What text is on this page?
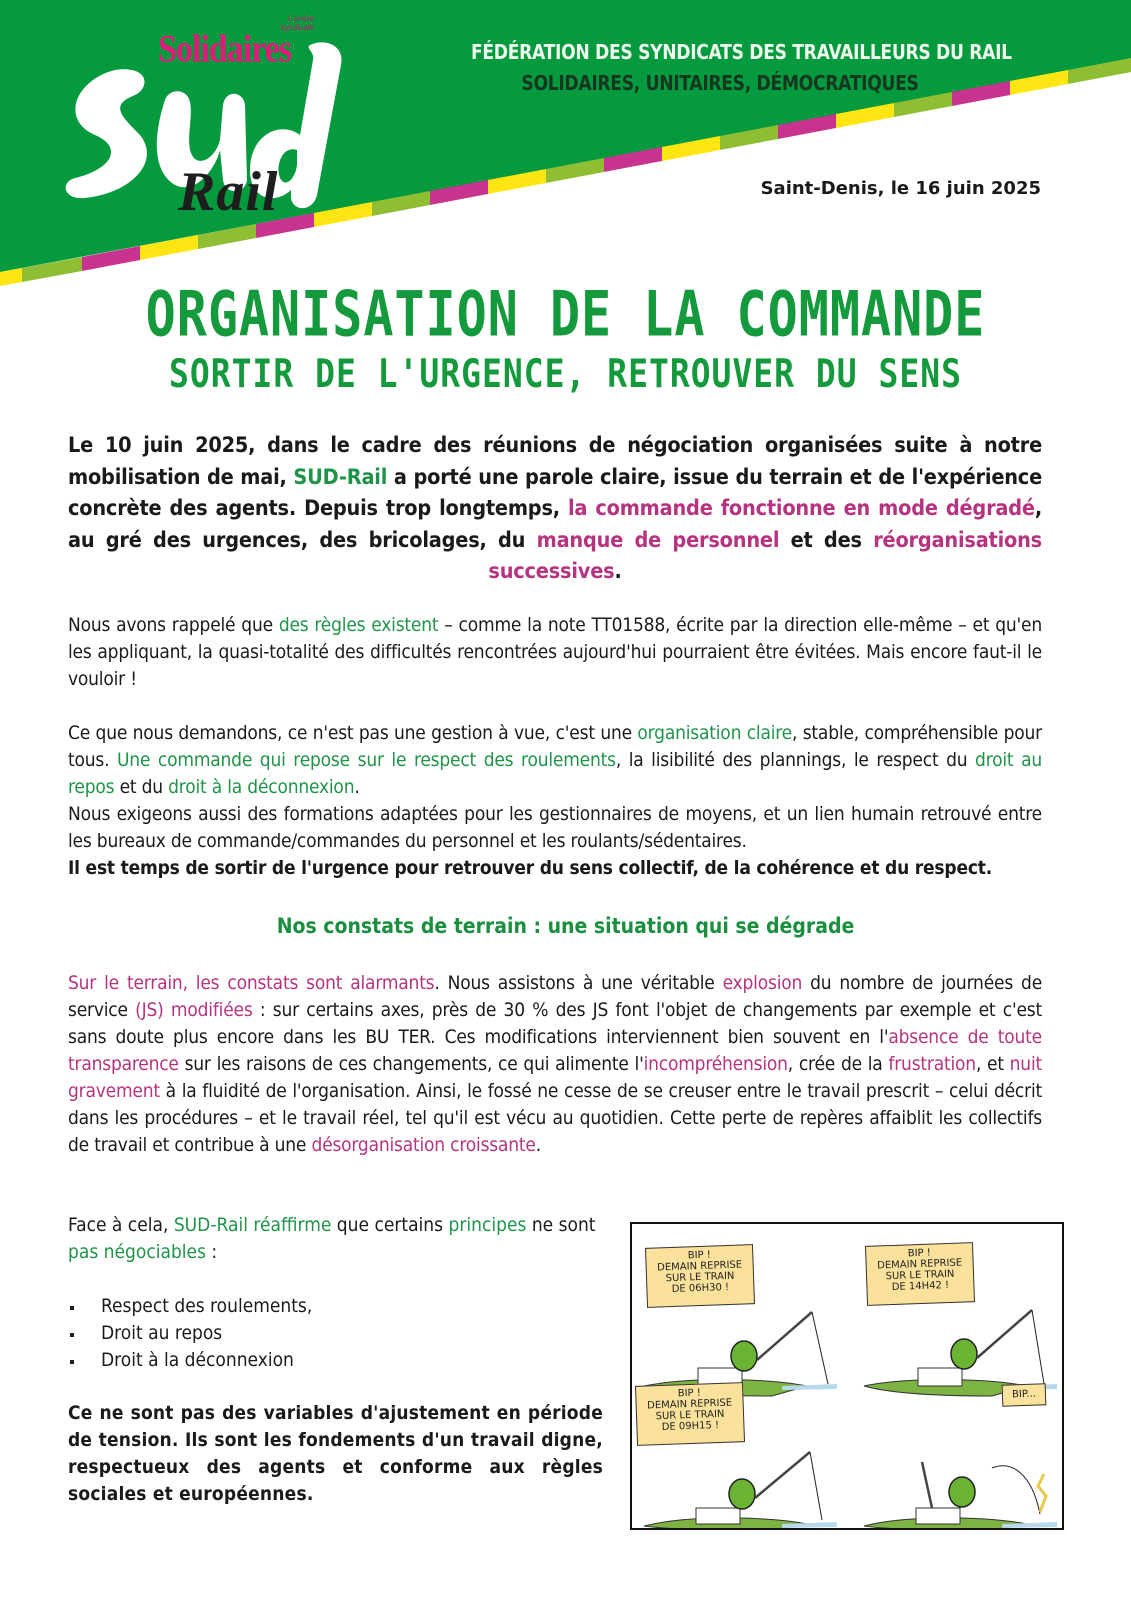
L'union
syndicale
Solidaires
Rail
FÉDÉRATION DES SYNDICATS DES TRAVAILLEURS DU RAIL
SOLIDAIRES, UNITAIRES, DÉMOCRATIQUES
Saint-Denis, le 16 juin 2025
ORGANISATION DE LA COMMANDE
SORTIR DE L'URGENCE, RETROUVER DU SENS

Le 10 juin 2025, dans le cadre des réunions de négociation organisées suite à notre mobilisation de mai, SUD-Rail a porté une parole claire, issue du terrain et de l'expérience concrète des agents. Depuis trop longtemps, la commande fonctionne en mode dégradé, au gré des urgences, des bricolages, du manque de personnel et des réorganisations successives.

Nous avons rappelé que des règles existent – comme la note TT01588, écrite par la direction elle-même – et qu'en les appliquant, la quasi-totalité des difficultés rencontrées aujourd'hui pourraient être évitées. Mais encore faut-il le vouloir !

Ce que nous demandons, ce n'est pas une gestion à vue, c'est une organisation claire, stable, compréhensible pour tous. Une commande qui repose sur le respect des roulements, la lisibilité des plannings, le respect du droit au repos et du droit à la déconnexion.

Nous exigeons aussi des formations adaptées pour les gestionnaires de moyens, et un lien humain retrouvé entre les bureaux de commande/commandes du personnel et les roulants/sédentaires.

Il est temps de sortir de l'urgence pour retrouver du sens collectif, de la cohérence et du respect.

Nos constats de terrain : une situation qui se dégrade

Sur le terrain, les constats sont alarmants. Nous assistons à une véritable explosion du nombre de journées de service (JS) modifiées : sur certains axes, près de 30 % des JS font l'objet de changements par exemple et c'est sans doute plus encore dans les BU TER. Ces modifications interviennent bien souvent en l'absence de toute transparence sur les raisons de ces changements, ce qui alimente l'incompréhension, crée de la frustration, et nuit gravement à la fluidité de l'organisation. Ainsi, le fossé ne cesse de se creuser entre le travail prescrit – celui décrit dans les procédures – et le travail réel, tel qu'il est vécu au quotidien. Cette perte de repères affaiblit les collectifs de travail et contribue à une désorganisation croissante.

Face à cela, SUD-Rail réaffirme que certains principes ne sont pas négociables :

Respect des roulements,
Droit au repos
Droit à la déconnexion

Ce ne sont pas des variables d'ajustement en période de tension. Ils sont les fondements d'un travail digne, respectueux des agents et conforme aux règles sociales et européennes.

BIP !
DEMAIN REPRISE
SUR LE TRAIN
DE 06H30 !
BIP !
DEMAIN REPRISE
SUR LE TRAIN
DE 14H42 !
BIP !
DEMAIN REPRISE
SUR LE TRAIN
DE 09H15 !
BIP...
